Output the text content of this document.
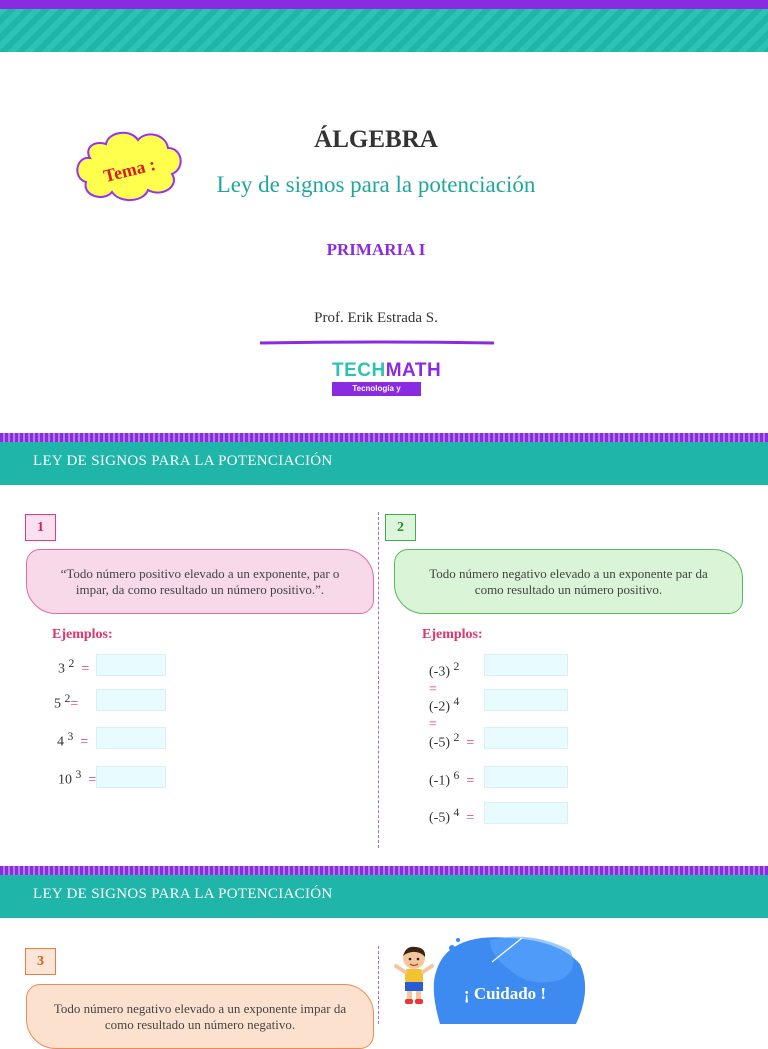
Tema :
ÁLGEBRA
Ley de signos para la potenciación
PRIMARIA I
Prof. Erik Estrada S.
TECHMATH
Tecnología y Matemática
LEY DE SIGNOS PARA LA POTENCIACIÓN
1
“Todo número positivo elevado a un exponente, par o impar, da como resultado un número positivo.”.
Ejemplos:
3 $^2$ =
5 $^2$=
4 $^3$ =
10 $^3$ =
2
Todo número negativo elevado a un exponente par da como resultado un número positivo.
Ejemplos:
(-3) $^2$
=
(-2) $^4$
=
(-5) $^2$ =
(-1) $^6$ =
(-5) $^4$ =
LEY DE SIGNOS PARA LA POTENCIACIÓN
3
Todo número negativo elevado a un exponente impar da como resultado un número negativo.
¡ Cuidado !
